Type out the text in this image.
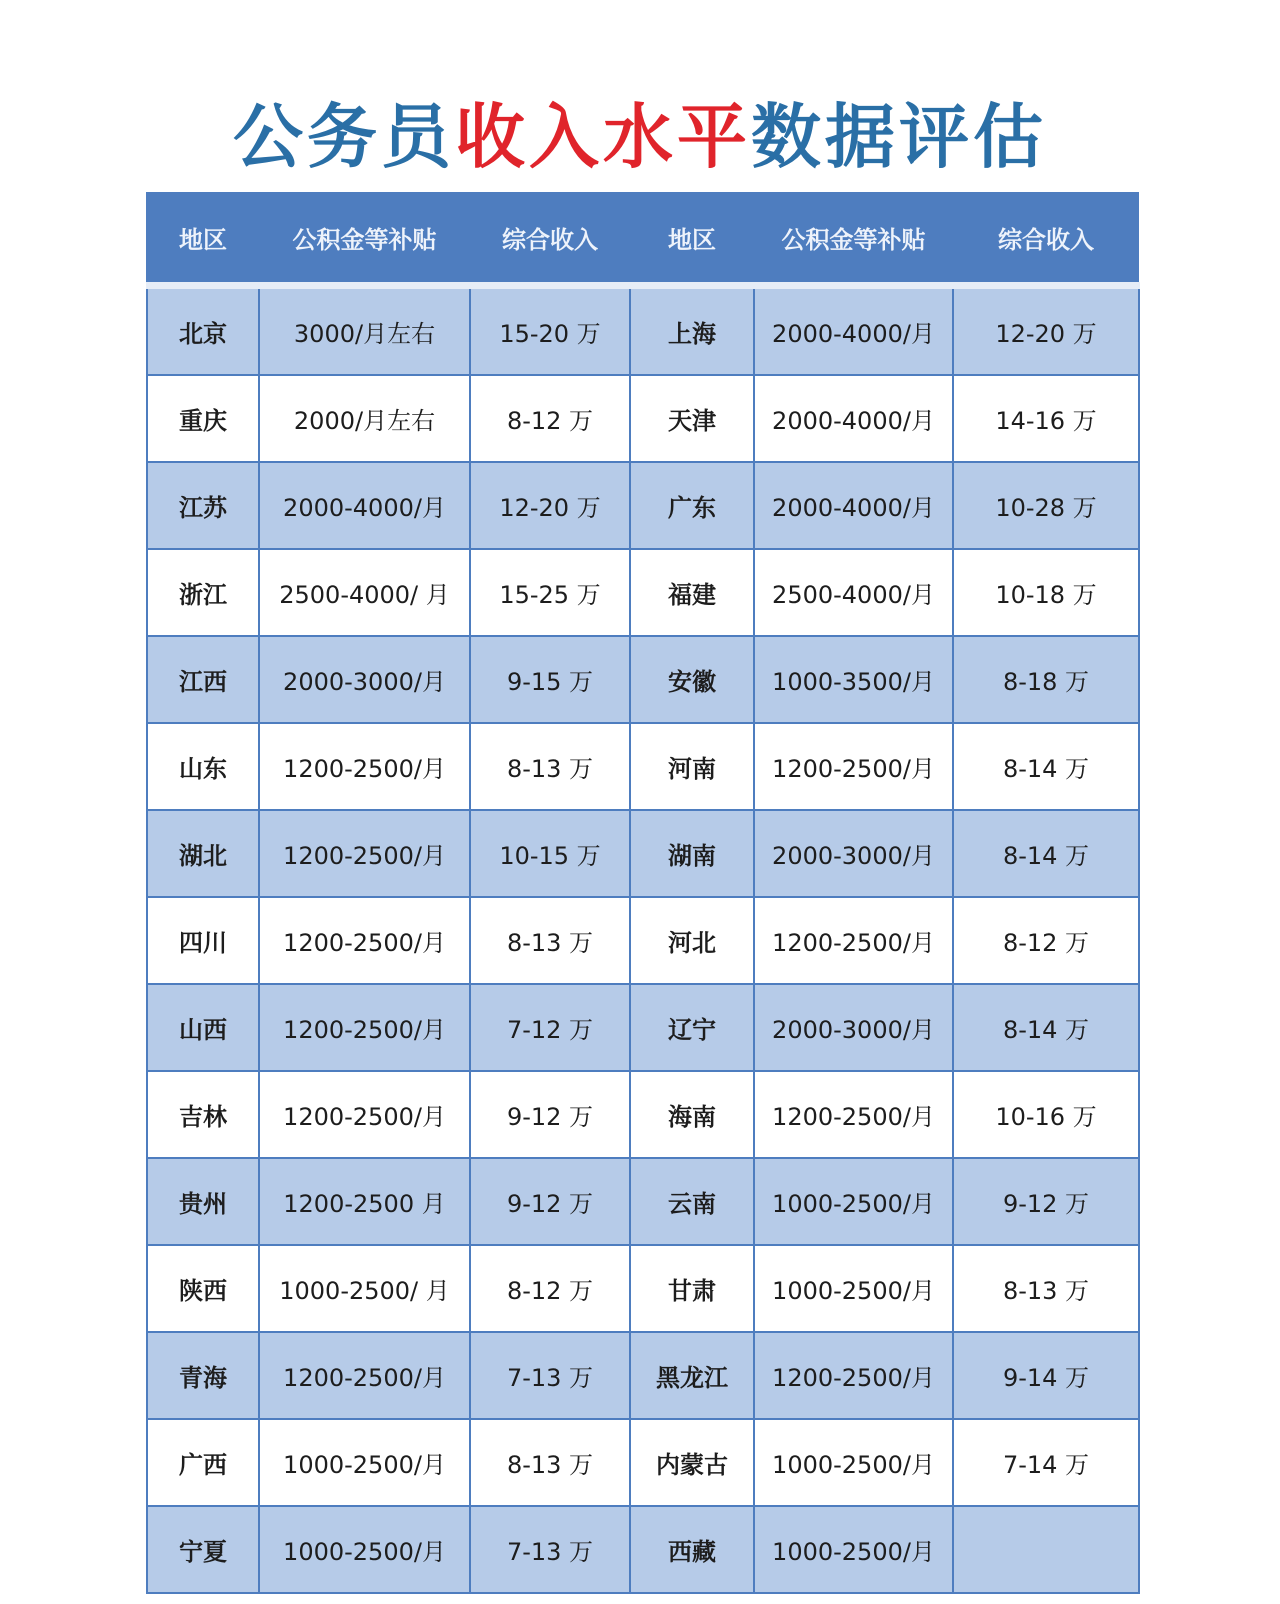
公务员收入水平数据评估
地区	公积金等补贴	综合收入	地区	公积金等补贴	综合收入
北京	3000/月左右	15-20 万	上海	2000-4000/月	12-20 万
重庆	2000/月左右	8-12 万	天津	2000-4000/月	14-16 万
江苏	2000-4000/月	12-20 万	广东	2000-4000/月	10-28 万
浙江	2500-4000/ 月	15-25 万	福建	2500-4000/月	10-18 万
江西	2000-3000/月	9-15 万	安徽	1000-3500/月	8-18 万
山东	1200-2500/月	8-13 万	河南	1200-2500/月	8-14 万
湖北	1200-2500/月	10-15 万	湖南	2000-3000/月	8-14 万
四川	1200-2500/月	8-13 万	河北	1200-2500/月	8-12 万
山西	1200-2500/月	7-12 万	辽宁	2000-3000/月	8-14 万
吉林	1200-2500/月	9-12 万	海南	1200-2500/月	10-16 万
贵州	1200-2500 月	9-12 万	云南	1000-2500/月	9-12 万
陕西	1000-2500/ 月	8-12 万	甘肃	1000-2500/月	8-13 万
青海	1200-2500/月	7-13 万	黑龙江	1200-2500/月	9-14 万
广西	1000-2500/月	8-13 万	内蒙古	1000-2500/月	7-14 万
宁夏	1000-2500/月	7-13 万	西藏	1000-2500/月	
